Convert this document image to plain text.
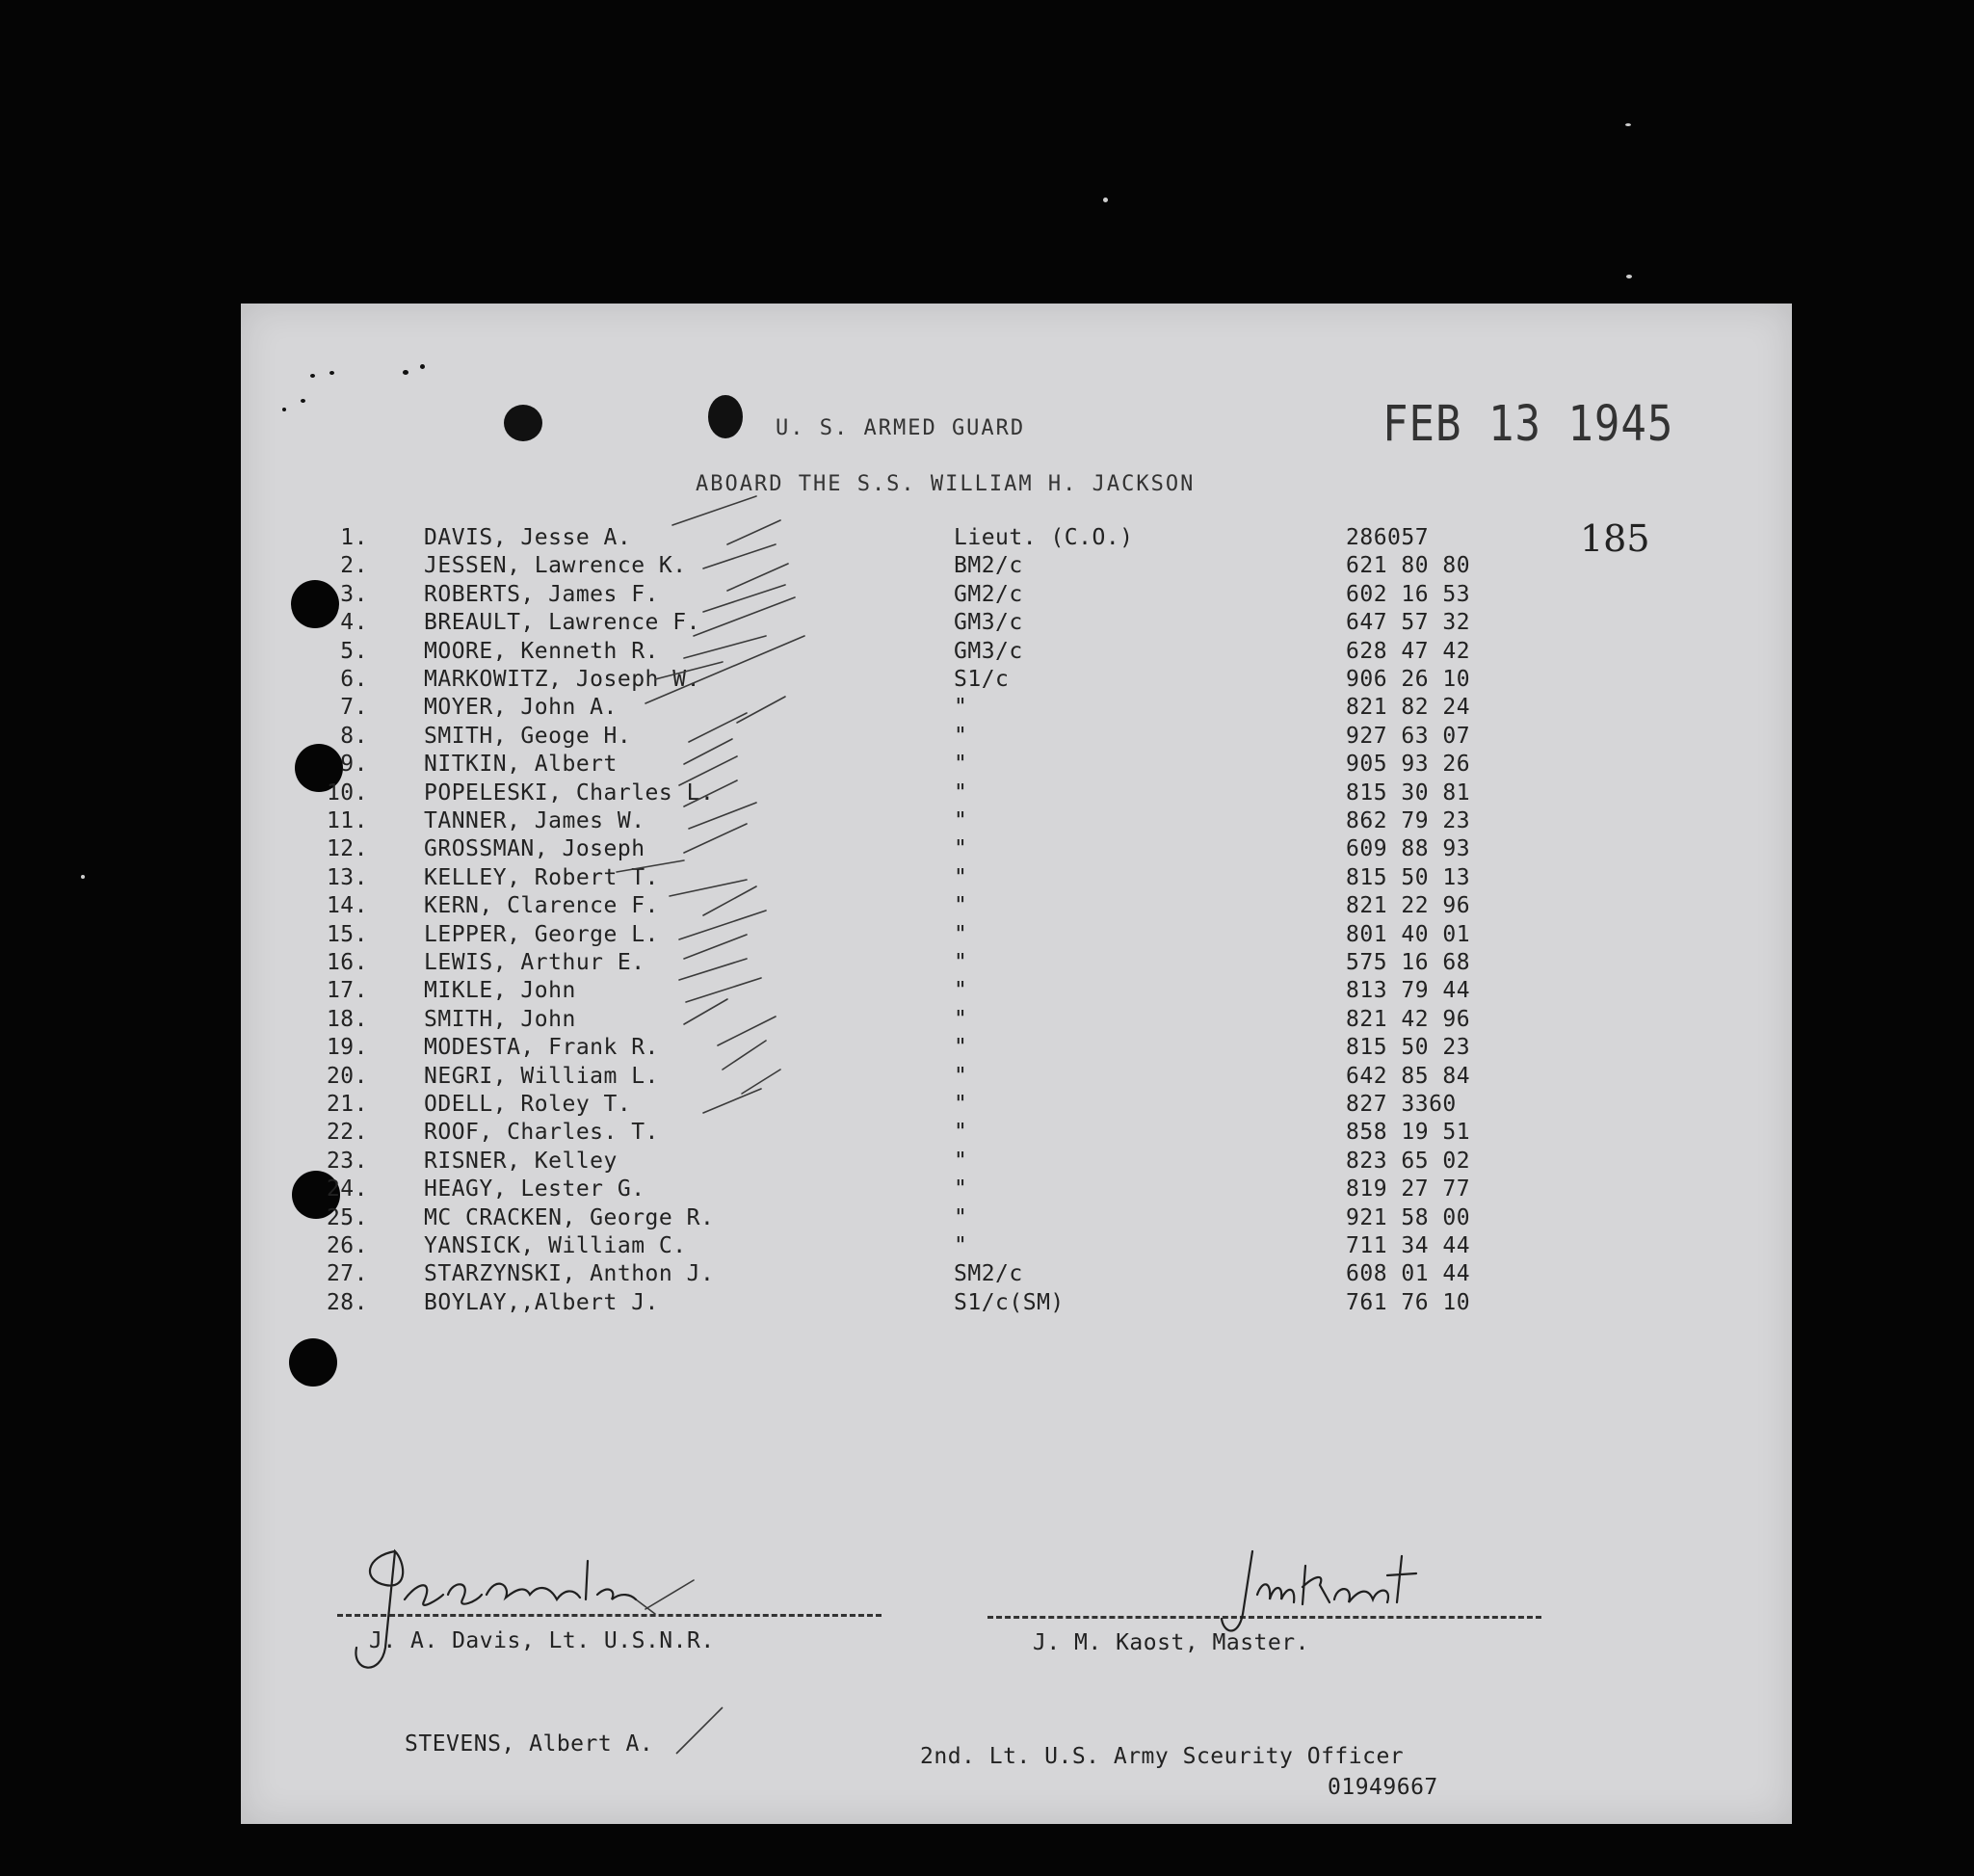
U. S. ARMED GUARD
ABOARD THE S.S. WILLIAM H. JACKSON
FEB 13 1945
185
1.	DAVIS, Jesse A.	Lieut. (C.O.)	286057
2.	JESSEN, Lawrence K.	BM2/c	621 80 80
3.	ROBERTS, James F.	GM2/c	602 16 53
4.	BREAULT, Lawrence F.	GM3/c	647 57 32
5.	MOORE, Kenneth R.	GM3/c	628 47 42
6.	MARKOWITZ, Joseph W.	S1/c	906 26 10
7.	MOYER, John A.	"	821 82 24
8.	SMITH, Geoge H.	"	927 63 07
9.	NITKIN, Albert	"	905 93 26
10.	POPELESKI, Charles L.	"	815 30 81
11.	TANNER, James W.	"	862 79 23
12.	GROSSMAN, Joseph	"	609 88 93
13.	KELLEY, Robert T.	"	815 50 13
14.	KERN, Clarence F.	"	821 22 96
15.	LEPPER, George L.	"	801 40 01
16.	LEWIS, Arthur E.	"	575 16 68
17.	MIKLE, John	"	813 79 44
18.	SMITH, John	"	821 42 96
19.	MODESTA, Frank R.	"	815 50 23
20.	NEGRI, William L.	"	642 85 84
21.	ODELL, Roley T.	"	827 3360
22.	ROOF, Charles. T.	"	858 19 51
23.	RISNER, Kelley	"	823 65 02
24.	HEAGY, Lester G.	"	819 27 77
25.	MC CRACKEN, George R.	"	921 58 00
26.	YANSICK, William C.	"	711 34 44
27.	STARZYNSKI, Anthon J.	SM2/c	608 01 44
28.	BOYLAY,,Albert J.	S1/c(SM)	761 76 10
J. A. Davis, Lt. U.S.N.R.	J. M. Kaost, Master.
STEVENS, Albert A.	2nd. Lt. U.S. Army Sceurity Officer
01949667
